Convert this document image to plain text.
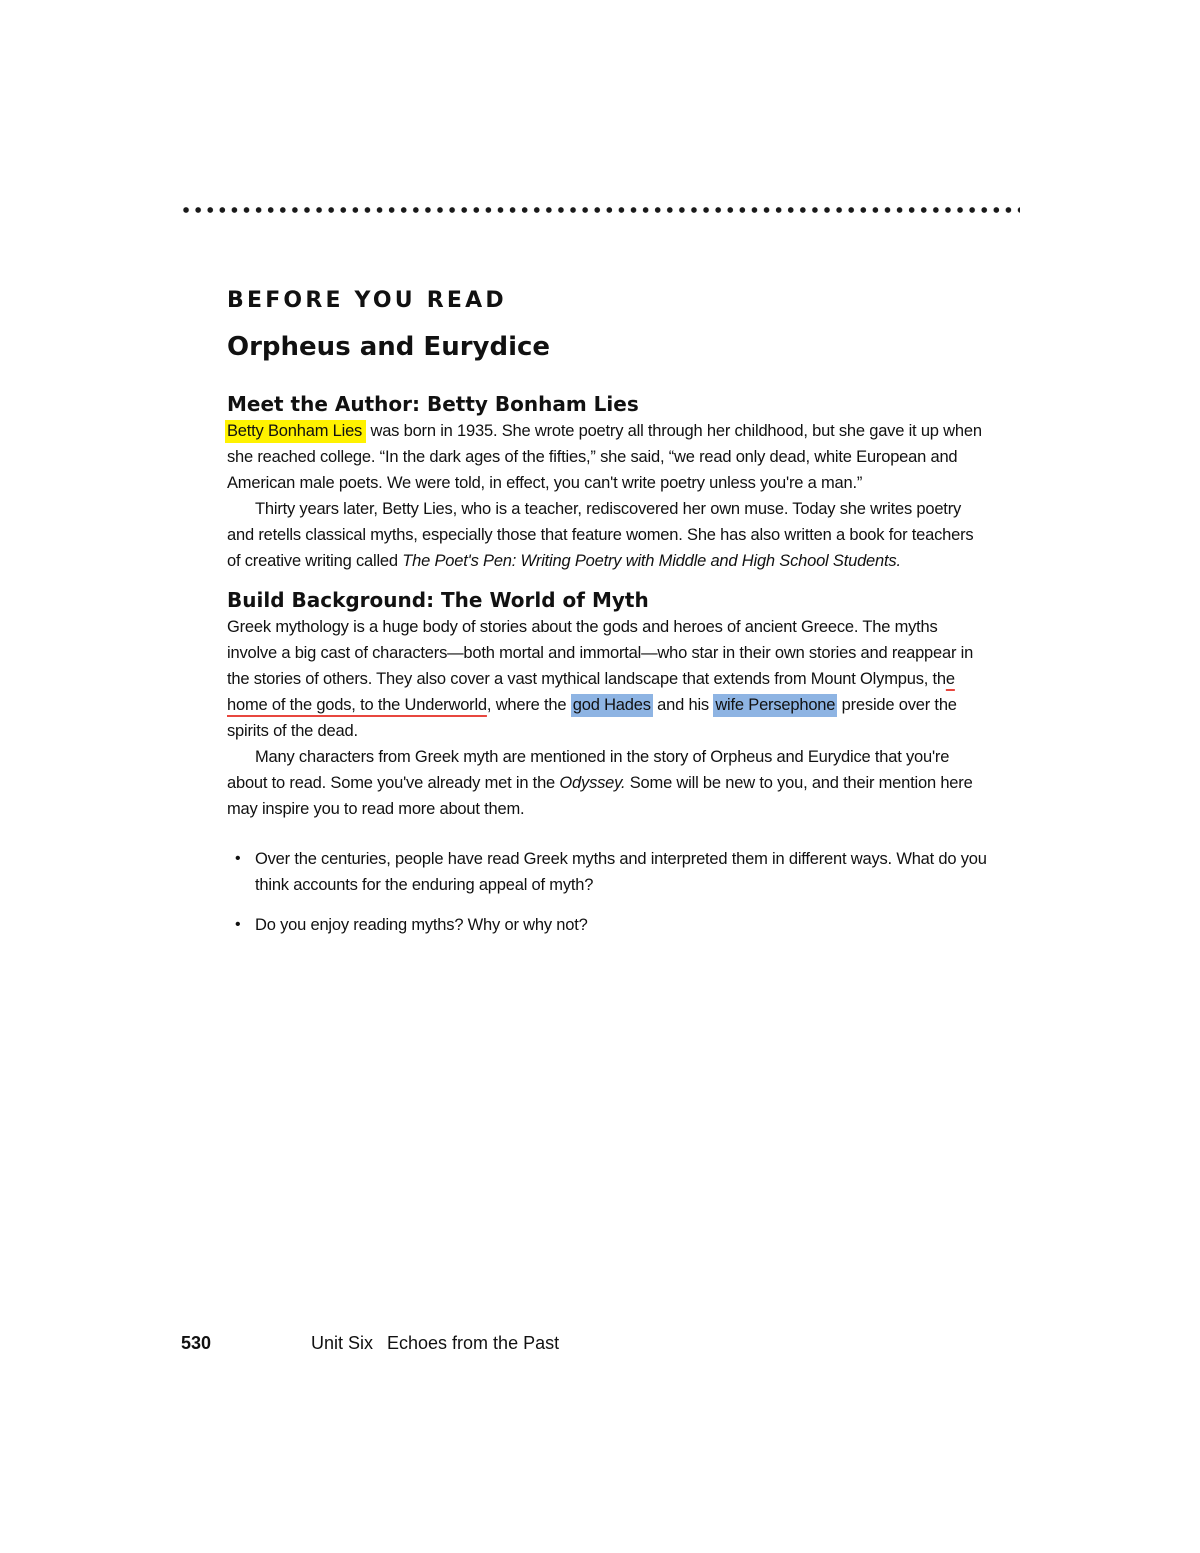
BEFORE YOU READ
Orpheus and Eurydice
Meet the Author: Betty Bonham Lies

Betty Bonham Lies was born in 1935. She wrote poetry all through her childhood, but she gave it up when she reached college. “In the dark ages of the fifties,” she said, “we read only dead, white European and American male poets. We were told, in effect, you can't write poetry unless you're a man.”

Thirty years later, Betty Lies, who is a teacher, rediscovered her own muse. Today she writes poetry and retells classical myths, especially those that feature women. She has also written a book for teachers of creative writing called The Poet's Pen: Writing Poetry with Middle and High School Students.

Build Background: The World of Myth

Greek mythology is a huge body of stories about the gods and heroes of ancient Greece. The myths involve a big cast of characters—both mortal and immortal—who star in their own stories and reappear in the stories of others. They also cover a vast mythical landscape that extends from Mount Olympus, the home of the gods, to the Underworld, where the god Hades and his wife Persephone preside over the spirits of the dead.

Many characters from Greek myth are mentioned in the story of Orpheus and Eurydice that you're about to read. Some you've already met in the Odyssey. Some will be new to you, and their mention here may inspire you to read more about them.

• Over the centuries, people have read Greek myths and interpreted them in different ways. What do you think accounts for the enduring appeal of myth?
• Do you enjoy reading myths? Why or why not?
530	Unit Six Echoes from the Past
